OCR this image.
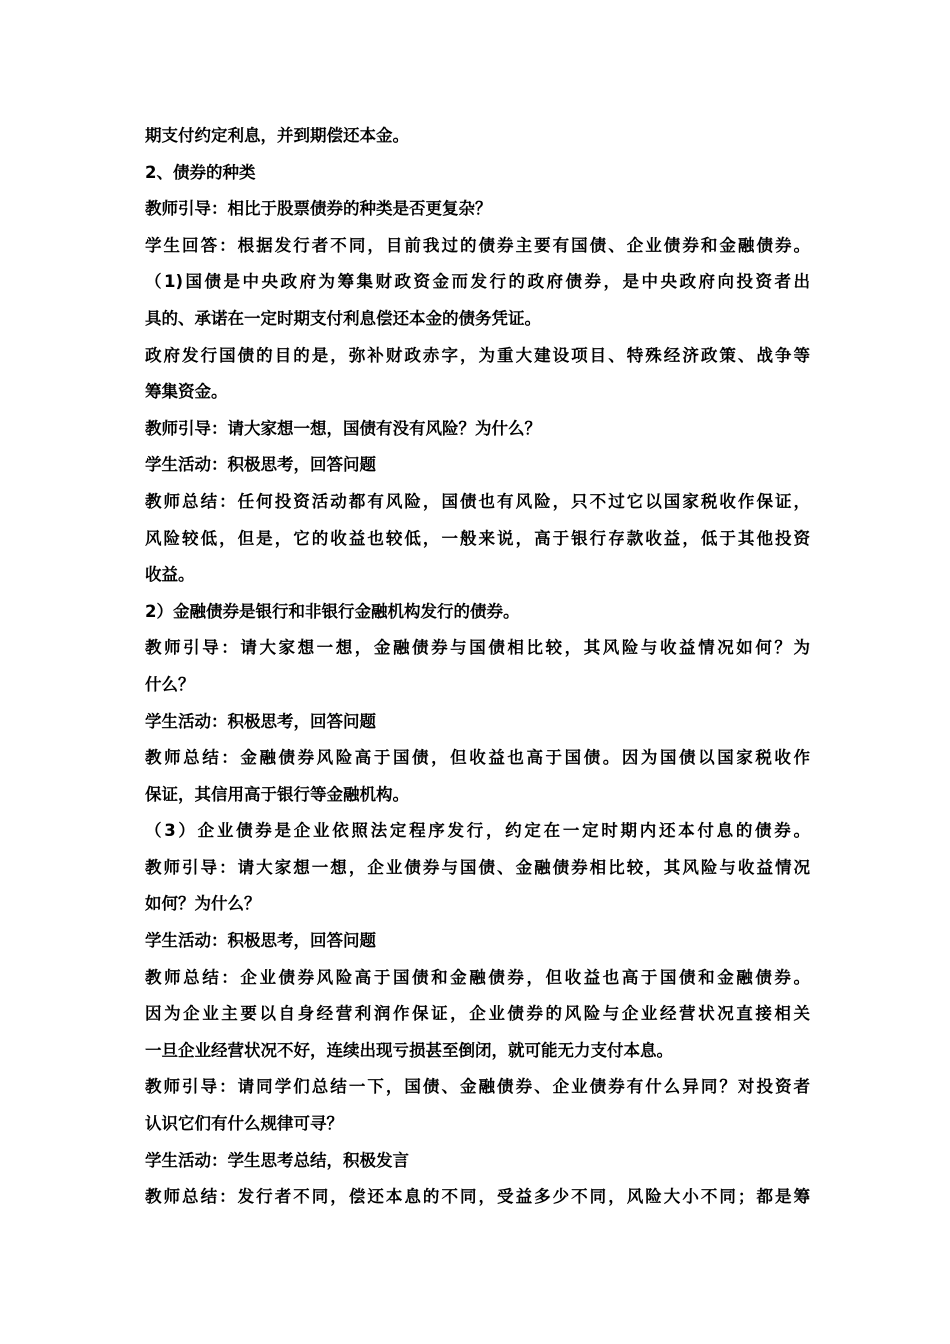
期支付约定利息，并到期偿还本金。
2、债券的种类
教师引导：相比于股票债券的种类是否更复杂？
学生回答：根据发行者不同，目前我过的债券主要有国债、企业债券和金融债券。
（1)国债是中央政府为筹集财政资金而发行的政府债券，是中央政府向投资者出
具的、承诺在一定时期支付利息偿还本金的债务凭证。
政府发行国债的目的是，弥补财政赤字，为重大建设项目、特殊经济政策、战争等
筹集资金。
教师引导：请大家想一想，国债有没有风险？为什么？
学生活动：积极思考，回答问题
教师总结：任何投资活动都有风险，国债也有风险，只不过它以国家税收作保证，
风险较低，但是，它的收益也较低，一般来说，高于银行存款收益，低于其他投资
收益。
2）金融债券是银行和非银行金融机构发行的债券。
教师引导：请大家想一想，金融债券与国债相比较，其风险与收益情况如何？为
什么？
学生活动：积极思考，回答问题
教师总结：金融债券风险高于国债，但收益也高于国债。因为国债以国家税收作
保证，其信用高于银行等金融机构。
（3）企业债券是企业依照法定程序发行，约定在一定时期内还本付息的债券。
教师引导：请大家想一想，企业债券与国债、金融债券相比较，其风险与收益情况
如何？为什么？
学生活动：积极思考，回答问题
教师总结：企业债券风险高于国债和金融债券，但收益也高于国债和金融债券。
因为企业主要以自身经营利润作保证，企业债券的风险与企业经营状况直接相关
一旦企业经营状况不好，连续出现亏损甚至倒闭，就可能无力支付本息。
教师引导：请同学们总结一下，国债、金融债券、企业债券有什么异同？对投资者
认识它们有什么规律可寻？
学生活动：学生思考总结，积极发言
教师总结：发行者不同，偿还本息的不同，受益多少不同，风险大小不同；都是筹
